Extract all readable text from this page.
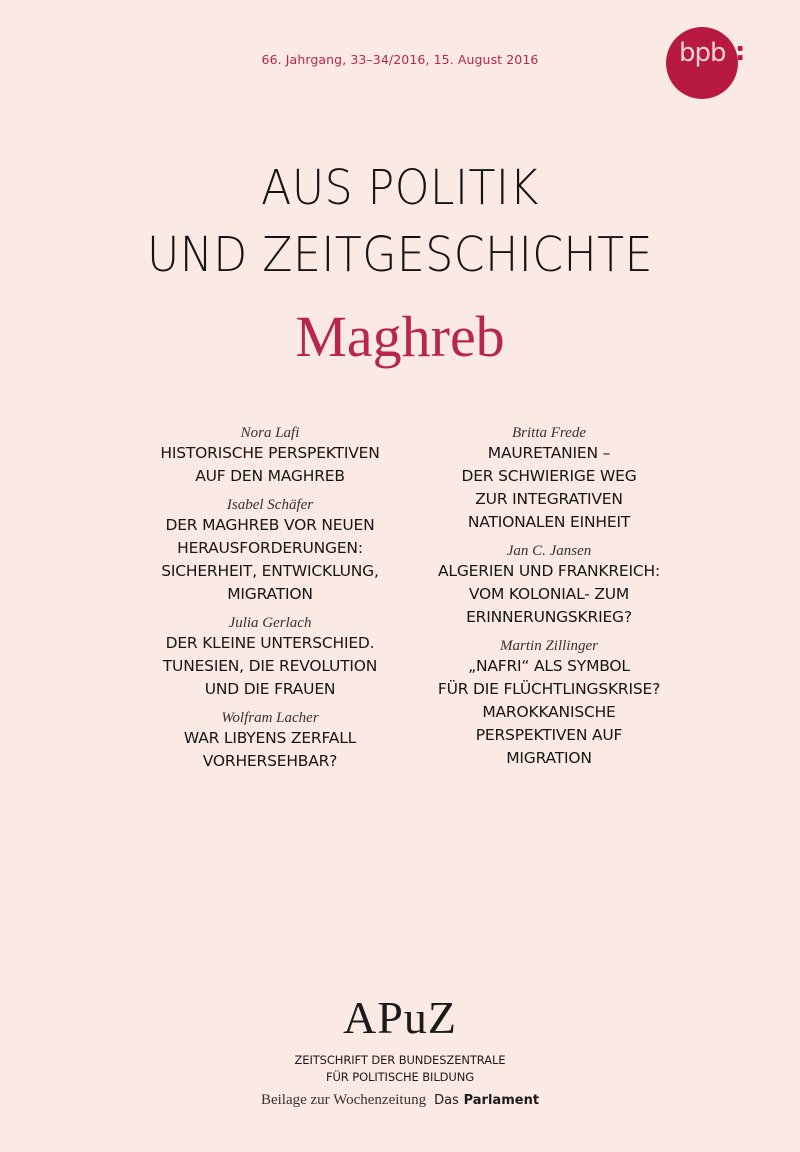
66. Jahrgang, 33–34/2016, 15. August 2016	bpb :
AUS POLITIK
UND ZEITGESCHICHTE
Maghreb
Nora Lafi
HISTORISCHE PERSPEKTIVEN
AUF DEN MAGHREB
Isabel Schäfer
DER MAGHREB VOR NEUEN
HERAUSFORDERUNGEN:
SICHERHEIT, ENTWICKLUNG,
MIGRATION
Julia Gerlach
DER KLEINE UNTERSCHIED.
TUNESIEN, DIE REVOLUTION
UND DIE FRAUEN
Wolfram Lacher
WAR LIBYENS ZERFALL
VORHERSEHBAR?
Britta Frede
MAURETANIEN –
DER SCHWIERIGE WEG
ZUR INTEGRATIVEN
NATIONALEN EINHEIT
Jan C. Jansen
ALGERIEN UND FRANKREICH:
VOM KOLONIAL- ZUM
ERINNERUNGSKRIEG?
Martin Zillinger
„NAFRI“ ALS SYMBOL
FÜR DIE FLÜCHTLINGSKRISE?
MAROKKANISCHE
PERSPEKTIVEN AUF
MIGRATION
APuZ
ZEITSCHRIFT DER BUNDESZENTRALE
FÜR POLITISCHE BILDUNG
Beilage zur Wochenzeitung Das Parlament
